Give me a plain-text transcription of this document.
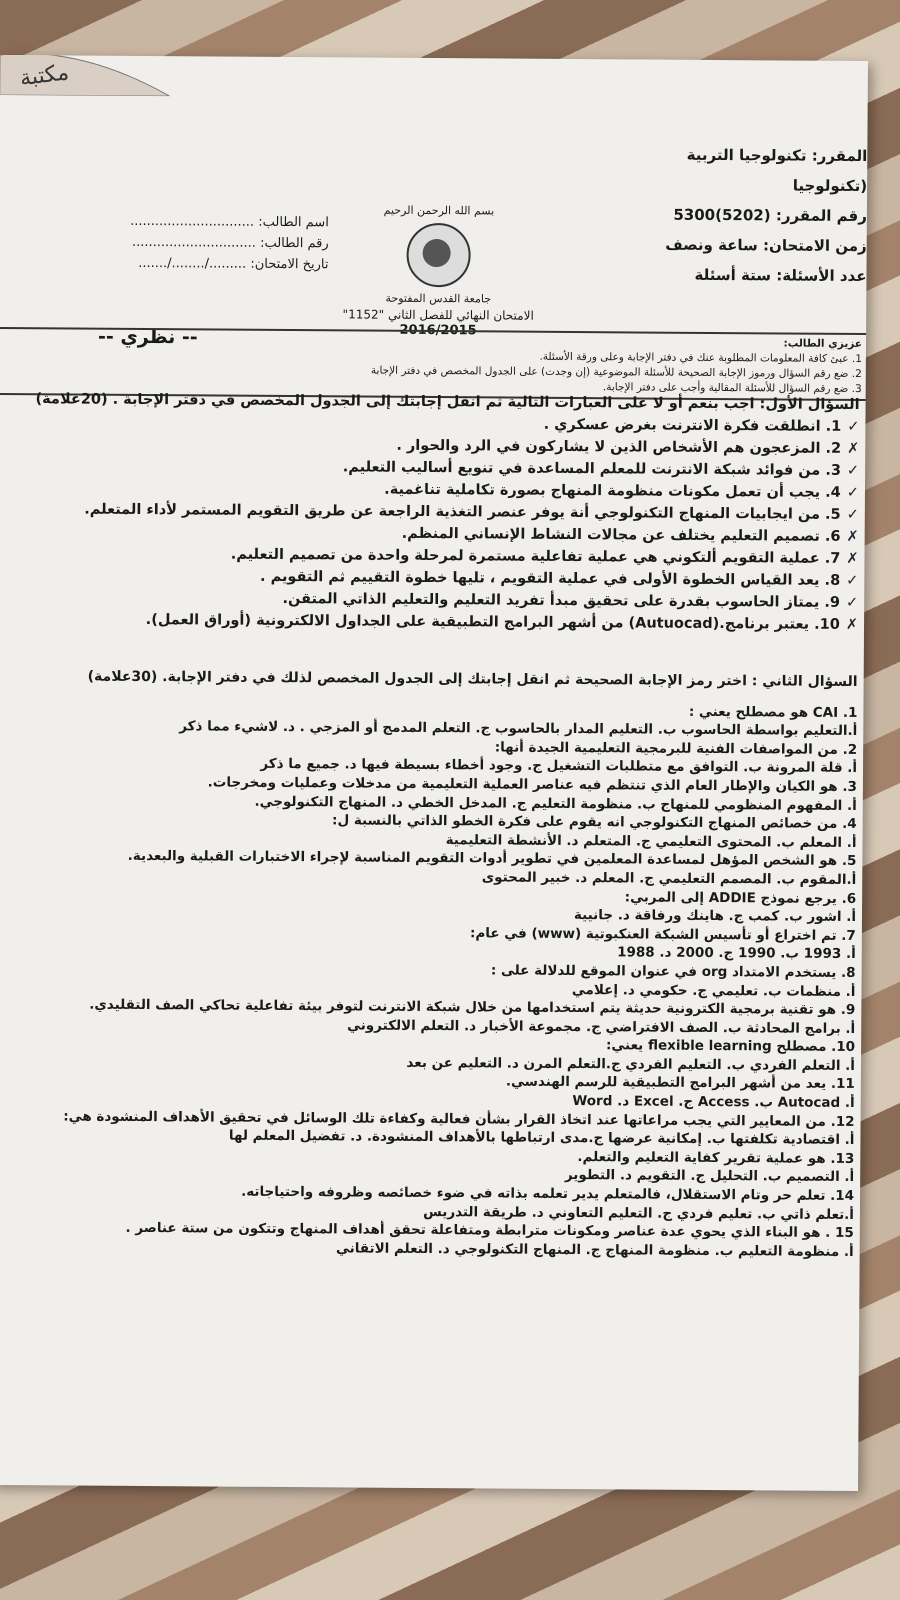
مكتبة
المقرر: تكنولوجيا التربية (تكنولوجيا
رقم المقرر: (5202)5300
زمن الامتحان: ساعة ونصف
عدد الأسئلة: ستة أسئلة
بسم الله الرحمن الرحيم
جامعة القدس المفتوحة
الامتحان النهائي للفصل الثاني "1152"
2016/2015
اسم الطالب: ..............................
رقم الطالب: ..............................
تاريخ الامتحان: ........./......../.......
-- نظري --	عزيزي الطالب:
1. عبئ كافة المعلومات المطلوبة عنك في دفتر الإجابة وعلى ورقة الأسئلة.
2. ضع رقم السؤال ورموز الإجابة الصحيحة للأسئلة الموضوعية (إن وجدت) على الجدول المخصص في دفتر الإجابة
3. ضع رقم السؤال للأسئلة المقالية وأجب على دفتر الإجابة.
السؤال الأول: اجب بنعم أو لا على العبارات التالية ثم انقل إجابتك إلى الجدول المخصص في دفتر الإجابة . (20علامة)
✓1. انطلقت فكرة الانترنت بغرض عسكري .
✗2. المزعجون هم الأشخاص الذين لا يشاركون في الرد والحوار .
✓3. من فوائد شبكة الانترنت للمعلم المساعدة في تنويع أساليب التعليم.
✓4. يجب أن تعمل مكونات منظومة المنهاج بصورة تكاملية تناغمية.
✓5. من ايجابيات المنهاج التكنولوجي أنة يوفر عنصر التغذية الراجعة عن طريق التقويم المستمر لأداء المتعلم.
✗6. تصميم التعليم يختلف عن مجالات النشاط الإنساني المنظم.
✗7. عملية التقويم ألتكوني هي عملية تفاعلية مستمرة لمرحلة واحدة من تصميم التعليم.
✓8. يعد القياس الخطوة الأولى في عملية التقويم ، تليها خطوة التقييم ثم التقويم .
✓9. يمتاز الحاسوب بقدرة على تحقيق مبدأ تفريد التعليم والتعليم الذاتي المتقن.
✗10. يعتبر برنامج.(Autuocad) من أشهر البرامج التطبيقية على الجداول الالكترونية (أوراق العمل).
السؤال الثاني : اختر رمز الإجابة الصحيحة ثم انقل إجابتك إلى الجدول المخصص لذلك في دفتر الإجابة. (30علامة)
1. CAI هو مصطلح يعني :
أ.التعليم بواسطة الحاسوب ب. التعليم المدار بالحاسوب ج. التعلم المدمج أو المزجي . د. لاشيء مما ذكر
2. من المواصفات الفنية للبرمجية التعليمية الجيدة أنها:
أ. قلة المرونة ب. التوافق مع متطلبات التشغيل ج. وجود أخطاء بسيطة فيها د. جميع ما ذكر
3. هو الكيان والإطار العام الذي تنتظم فيه عناصر العملية التعليمية من مدخلات وعمليات ومخرجات.
أ. المفهوم المنظومي للمنهاج ب. منظومة التعليم ج. المدخل الخطي د. المنهاج التكنولوجي.
4. من خصائص المنهاج التكنولوجي انه يقوم على فكرة الخطو الذاتي بالنسبة ل:
أ. المعلم ب. المحتوى التعليمي ج. المتعلم د. الأنشطة التعليمية
5. هو الشخص المؤهل لمساعدة المعلمين في تطوير أدوات التقويم المناسبة لإجراء الاختبارات القبلية والبعدية.
أ.المقوم ب. المصمم التعليمي ج. المعلم د. خبير المحتوى
6. يرجع نموذج ADDIE إلى المربي:
أ. اشور ب. كمب ج. هاينك ورفاقة د. جانيية
7. تم اختراع أو تأسيس الشبكة العنكبوتية (www) في عام:
أ. 1993 ب. 1990 ج. 2000 د. 1988
8. يستخدم الامتداد org في عنوان الموقع للدلالة على :
أ. منظمات ب. تعليمي ج. حكومي د. إعلامي
9. هو تقنية برمجية الكترونية حديثة يتم استخدامها من خلال شبكة الانترنت لتوفر بيئة تفاعلية تحاكي الصف التقليدي.
أ. برامج المحادثة ب. الصف الافتراضي ج. مجموعة الأخبار د. التعلم الالكتروني
10. مصطلح flexible learning يعني:
أ. التعلم الفردي ب. التعليم الفردي ج.التعلم المرن د. التعليم عن بعد
11. يعد من أشهر البرامج التطبيقية للرسم الهندسي.
أ. Autocad ب. Access ج. Excel د. Word
12. من المعايير التي يجب مراعاتها عند اتخاذ القرار بشأن فعالية وكفاءة تلك الوسائل في تحقيق الأهداف المنشودة هي:
أ. اقتصادية تكلفتها ب. إمكانية عرضها ج.مدى ارتباطها بالأهداف المنشودة. د. تفضيل المعلم لها
13. هو عملية تقرير كفاية التعليم والتعلم.
أ. التصميم ب. التحليل ج. التقويم د. التطوير
14. تعلم حر وتام الاستقلال، فالمتعلم يدير تعلمه بذاته في ضوء خصائصه وظروفه واحتياجاته.
أ.تعلم ذاتي ب. تعليم فردي ج. التعليم التعاوني د. طريقة التدريس
15 . هو البناء الذي يحوي عدة عناصر ومكونات مترابطة ومتفاعلة تحقق أهداف المنهاج وتتكون من ستة عناصر .
أ. منظومة التعليم ب. منظومة المنهاج ج. المنهاج التكنولوجي د. التعلم الاتقاني
